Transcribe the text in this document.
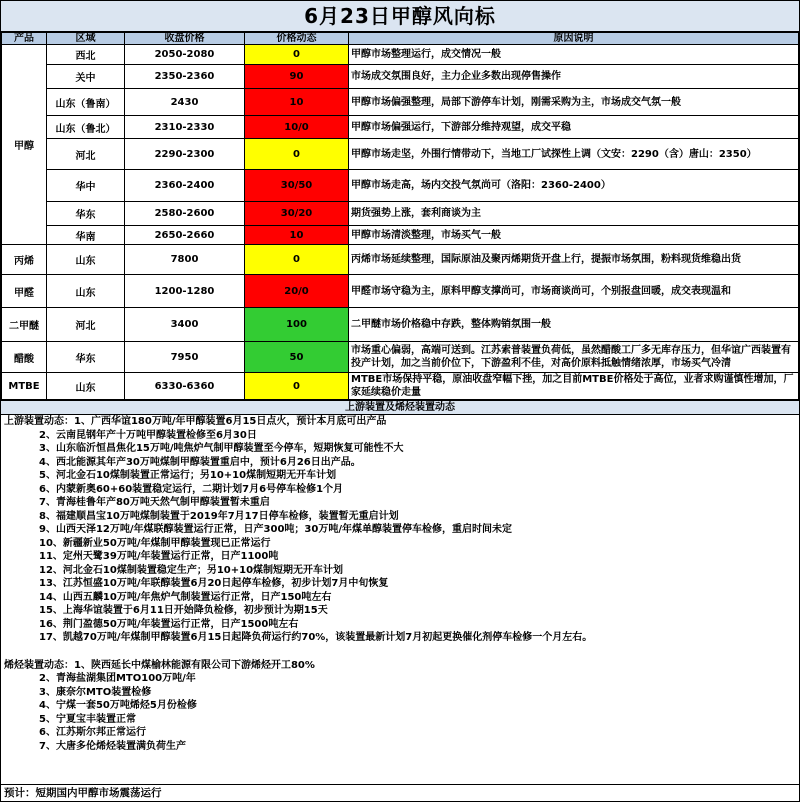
6月23日甲醇风向标
产品	区域	收盘价格	价格动态	原因说明
甲醇	西北	2050-2080	0	甲醇市场整理运行，成交情况一般
	关中	2350-2360	90	市场成交氛围良好，主力企业多数出现停售操作
	山东（鲁南）	2430	10	甲醇市场偏强整理，局部下游停车计划，刚需采购为主，市场成交气氛一般
	山东（鲁北）	2310-2330	10/0	甲醇市场偏强运行，下游部分维持观望，成交平稳
	河北	2290-2300	0	甲醇市场走坚，外围行情带动下，当地工厂试探性上调（文安：2290（含）唐山：2350）
	华中	2360-2400	30/50	甲醇市场走高，场内交投气氛尚可（洛阳：2360-2400）
	华东	2580-2600	30/20	期货强势上涨，套利商谈为主
	华南	2650-2660	10	甲醇市场清淡整理，市场买气一般
丙烯	山东	7800	0	丙烯市场延续整理，国际原油及聚丙烯期货开盘上行，提振市场氛围，粉料现货维稳出货
甲醛	山东	1200-1280	20/0	甲醛市场守稳为主，原料甲醇支撑尚可，市场商谈尚可，个别报盘回暖，成交表现温和
二甲醚	河北	3400	100	二甲醚市场价格稳中存跌，整体购销氛围一般
醋酸	华东	7950	50	市场重心偏弱，高端可送到。江苏索普装置负荷低，虽然醋酸工厂多无库存压力，但华谊广西装置有投产计划，加之当前价位下，下游盈利不佳，对高价原料抵触情绪浓厚，市场买气冷清
MTBE	山东	6330-6360	0	MTBE市场保持平稳，原油收盘窄幅下挫，加之目前MTBE价格处于高位，业者求购谨慎性增加，厂家延续稳价走量
上游装置及烯烃装置动态
上游装置动态：1、广西华谊180万吨/年甲醇装置6月15日点火，预计本月底可出产品
2、云南昆钢年产十万吨甲醇装置检修至6月30日
3、山东临沂恒昌焦化15万吨/吨焦炉气制甲醇装置至今停车，短期恢复可能性不大
4、西北能源其年产30万吨煤制甲醇装置重启中，预计6月26日出产品。
5、河北金石10煤制装置正常运行；另10+10煤制短期无开车计划
6、内蒙新奥60+60装置稳定运行，二期计划7月6号停车检修1个月
7、青海桂鲁年产80万吨天然气制甲醇装置暂未重启
8、福建顺昌宝10万吨煤制装置于2019年7月17日停车检修，装置暂无重启计划
9、山西天泽12万吨/年煤联醇装置运行正常，日产300吨；30万吨/年煤单醇装置停车检修，重启时间未定
10、新疆新业50万吨/年煤制甲醇装置现已正常运行
11、定州天鹭39万吨/年装置运行正常，日产1100吨
12、河北金石10煤制装置稳定生产；另10+10煤制短期无开车计划
13、江苏恒盛10万吨/年联醇装置6月20日起停车检修，初步计划7月中旬恢复
14、山西五麟10万吨/年焦炉气制装置运行正常，日产150吨左右
15、上海华谊装置于6月11日开始降负检修，初步预计为期15天
16、荆门盈德50万吨/年装置运行正常，日产1500吨左右
17、凯越70万吨/年煤制甲醇装置6月15日起降负荷运行约70%，该装置最新计划7月初起更换催化剂停车检修一个月左右。
烯烃装置动态：1、陕西延长中煤榆林能源有限公司下游烯烃开工80%
2、青海盐湖集团MTO100万吨/年
3、康奈尔MTO装置检修
4、宁煤一套50万吨烯烃5月份检修
5、宁夏宝丰装置正常
6、江苏斯尔邦正常运行
7、大唐多伦烯烃装置满负荷生产
预计：短期国内甲醇市场震荡运行
